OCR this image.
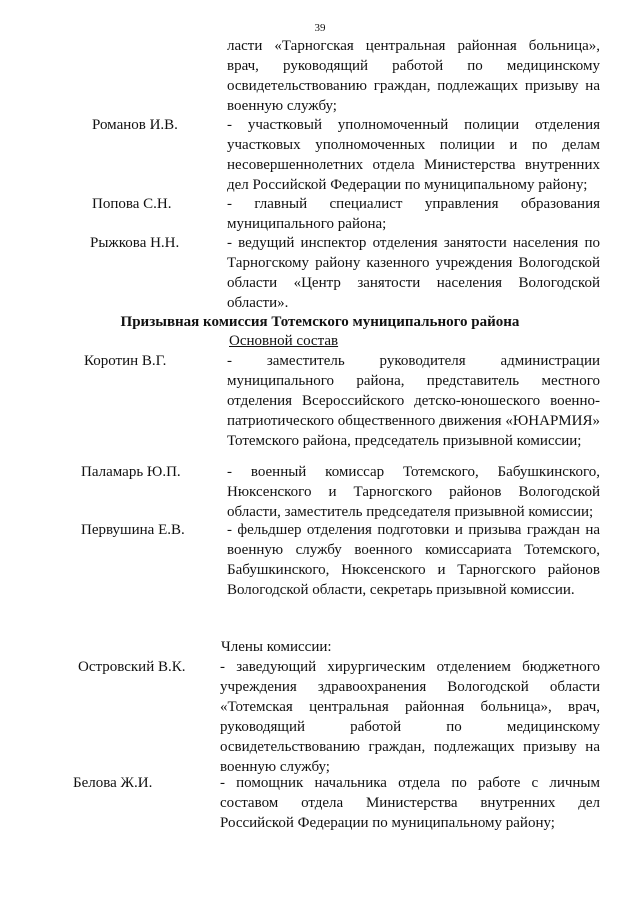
39
ласти «Тарногская центральная районная больница», врач, руководящий работой по медицинскому освидетельствованию граждан, подлежащих призыву на военную службу;
Романов И.В.	- участковый уполномоченный полиции отделения участковых уполномоченных полиции и по делам несовершеннолетних отдела Министерства внутренних дел Российской Федерации по муниципальному району;
Попова С.Н.	- главный специалист управления образования муниципального района;
Рыжкова Н.Н.	- ведущий инспектор отделения занятости населения по Тарногскому району казенного учреждения Вологодской области «Центр занятости населения Вологодской области».
Призывная комиссия Тотемского муниципального района
Основной состав
Коротин В.Г.	- заместитель руководителя администрации муниципального района, представитель местного отделения Всероссийского детско-юношеского военно-патриотического общественного движения «ЮНАРМИЯ» Тотемского района, председатель призывной комиссии;
Паламарь Ю.П.	- военный комиссар Тотемского, Бабушкинского, Нюксенского и Тарногского районов Вологодской области, заместитель председателя призывной комиссии;
Первушина Е.В.	- фельдшер отделения подготовки и призыва граждан на военную службу военного комиссариата Тотемского, Бабушкинского, Нюксенского и Тарногского районов Вологодской области, секретарь призывной комиссии.
Члены комиссии:
Островский В.К. - заведующий хирургическим отделением бюджетного учреждения здравоохранения Вологодской области «Тотемская центральная районная больница», врач, руководящий работой по медицинскому освидетельствованию граждан, подлежащих призыву на военную службу;
Белова Ж.И.	- помощник начальника отдела по работе с личным составом отдела Министерства внутренних дел Российской Федерации по муниципальному району;
